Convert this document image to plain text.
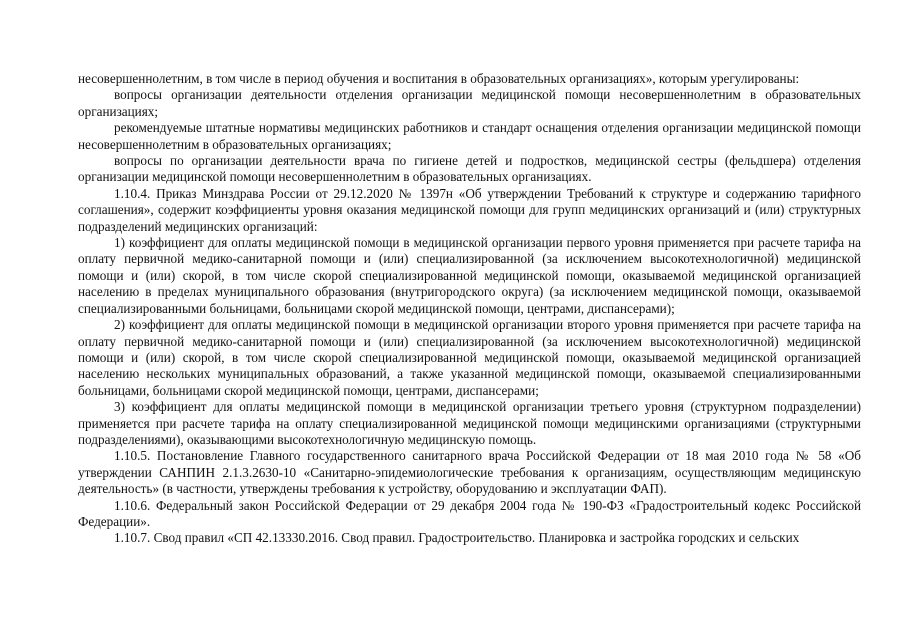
несовершеннолетним, в том числе в период обучения и воспитания в образовательных организациях», которым урегулированы:

вопросы организации деятельности отделения организации медицинской помощи несовершеннолетним в образовательных организациях;

рекомендуемые штатные нормативы медицинских работников и стандарт оснащения отделения организации медицинской помощи несовершеннолетним в образовательных организациях;

вопросы по организации деятельности врача по гигиене детей и подростков, медицинской сестры (фельдшера) отделения организации медицинской помощи несовершеннолетним в образовательных организациях.

1.10.4. Приказ Минздрава России от 29.12.2020 № 1397н «Об утверждении Требований к структуре и содержанию тарифного соглашения», содержит коэффициенты уровня оказания медицинской помощи для групп медицинских организаций и (или) структурных подразделений медицинских организаций:

1) коэффициент для оплаты медицинской помощи в медицинской организации первого уровня применяется при расчете тарифа на оплату первичной медико-санитарной помощи и (или) специализированной (за исключением высокотехнологичной) медицинской помощи и (или) скорой, в том числе скорой специализированной медицинской помощи, оказываемой медицинской организацией населению в пределах муниципального образования (внутригородского округа) (за исключением медицинской помощи, оказываемой специализированными больницами, больницами скорой медицинской помощи, центрами, диспансерами);

2) коэффициент для оплаты медицинской помощи в медицинской организации второго уровня применяется при расчете тарифа на оплату первичной медико-санитарной помощи и (или) специализированной (за исключением высокотехнологичной) медицинской помощи и (или) скорой, в том числе скорой специализированной медицинской помощи, оказываемой медицинской организацией населению нескольких муниципальных образований, а также указанной медицинской помощи, оказываемой специализированными больницами, больницами скорой медицинской помощи, центрами, диспансерами;

3) коэффициент для оплаты медицинской помощи в медицинской организации третьего уровня (структурном подразделении) применяется при расчете тарифа на оплату специализированной медицинской помощи медицинскими организациями (структурными подразделениями), оказывающими высокотехнологичную медицинскую помощь.

1.10.5. Постановление Главного государственного санитарного врача Российской Федерации от 18 мая 2010 года № 58 «Об утверждении САНПИН 2.1.3.2630-10 «Санитарно-эпидемиологические требования к организациям, осуществляющим медицинскую деятельность» (в частности, утверждены требования к устройству, оборудованию и эксплуатации ФАП).

1.10.6. Федеральный закон Российской Федерации от 29 декабря 2004 года № 190-ФЗ «Градостроительный кодекс Российской Федерации».

1.10.7. Свод правил «СП 42.13330.2016. Свод правил. Градостроительство. Планировка и застройка городских и сельских
